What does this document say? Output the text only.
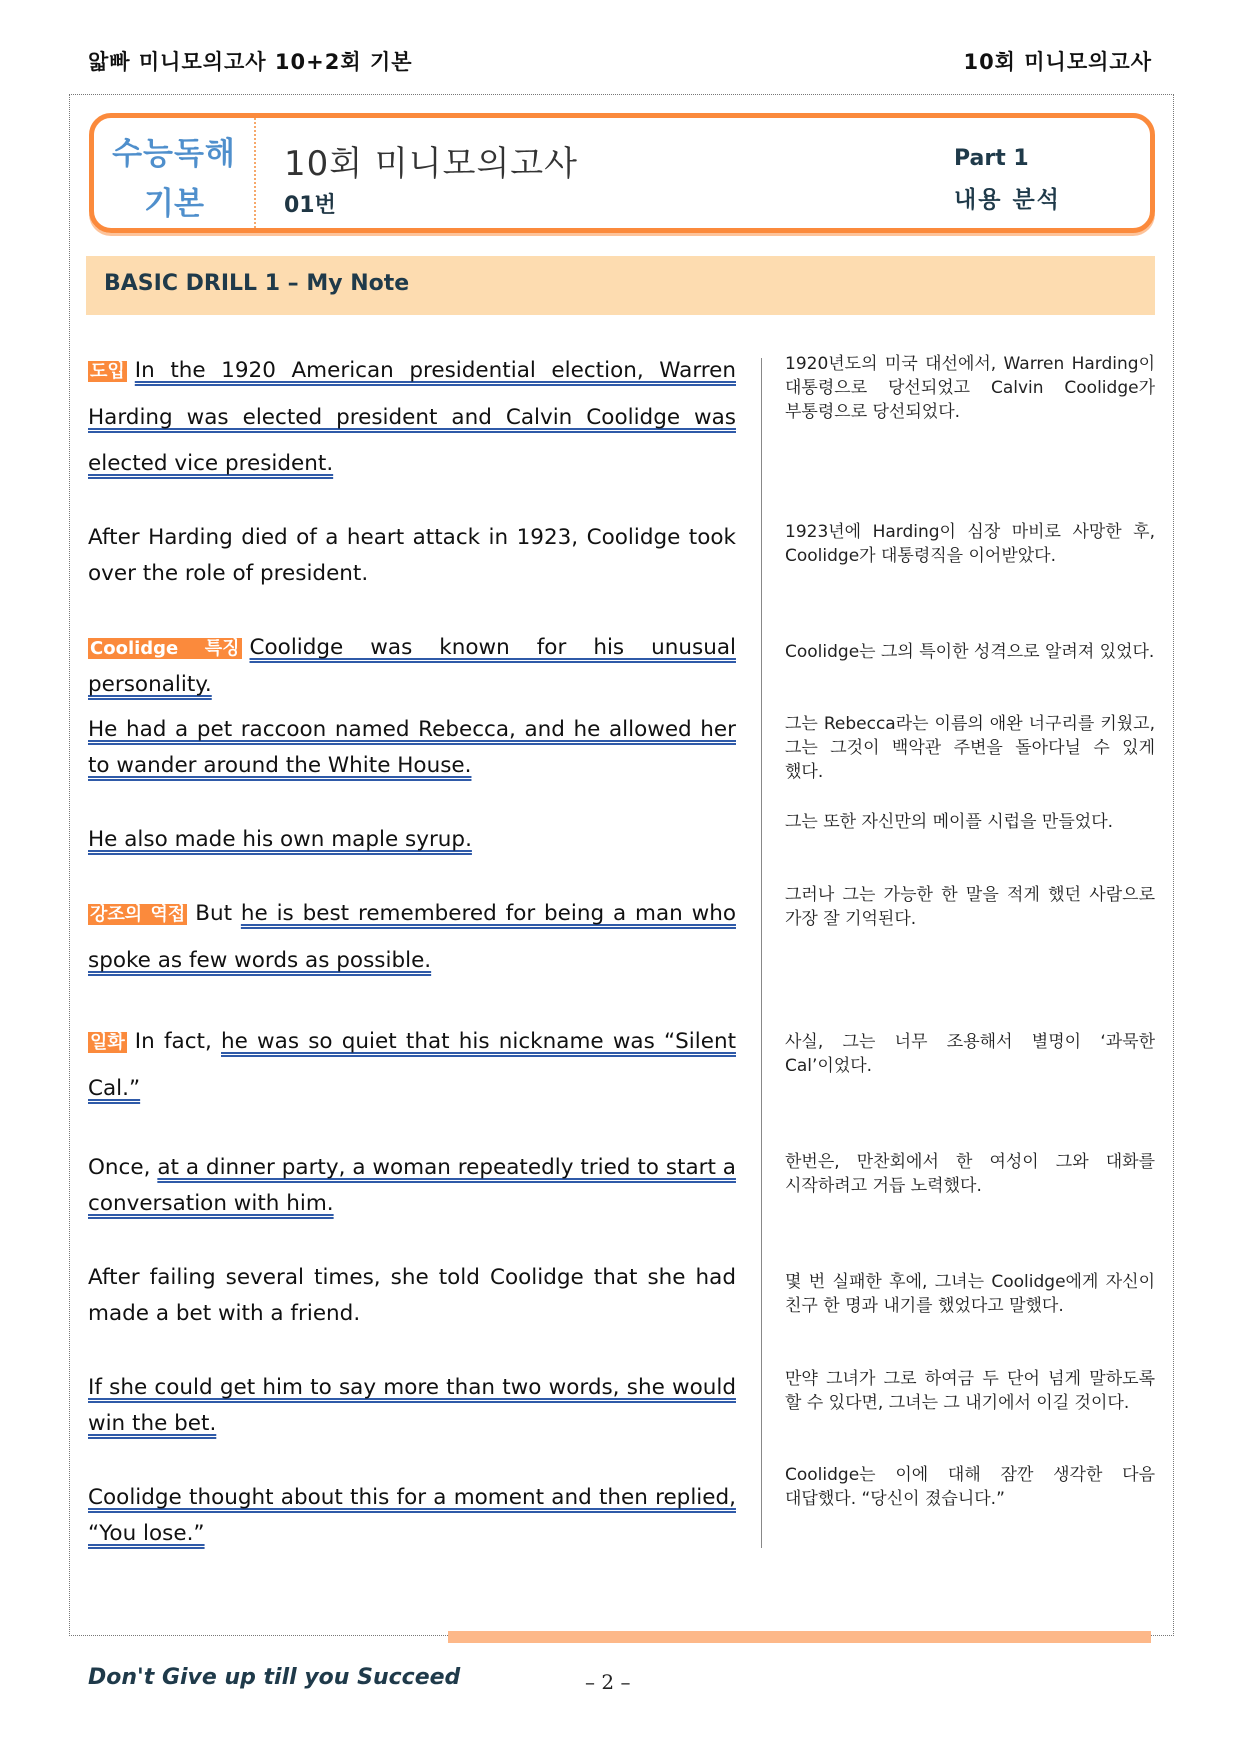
앏빠 미니모의고사 10+2회 기본	10회 미니모의고사
수능독해
기본
10회 미니모의고사
01번
Part 1
내용 분석
BASIC DRILL 1 – My Note
도입 In the 1920 American presidential election, Warren Harding was elected president and Calvin Coolidge was elected vice president.
1920년도의 미국 대선에서, Warren Harding이 대통령으로 당선되었고 Calvin Coolidge가 부통령으로 당선되었다.
After Harding died of a heart attack in 1923, Coolidge took over the role of president.
1923년에 Harding이 심장 마비로 사망한 후, Coolidge가 대통령직을 이어받았다.
Coolidge 특징 Coolidge was known for his unusual personality.
Coolidge는 그의 특이한 성격으로 알려져 있었다.
He had a pet raccoon named Rebecca, and he allowed her to wander around the White House.
그는 Rebecca라는 이름의 애완 너구리를 키웠고, 그는 그것이 백악관 주변을 돌아다닐 수 있게 했다.
He also made his own maple syrup.
그는 또한 자신만의 메이플 시럽을 만들었다.
강조의 역접 But he is best remembered for being a man who spoke as few words as possible.
그러나 그는 가능한 한 말을 적게 했던 사람으로 가장 잘 기억된다.
일화 In fact, he was so quiet that his nickname was “Silent Cal.”
사실, 그는 너무 조용해서 별명이 ‘과묵한 Cal’이었다.
Once, at a dinner party, a woman repeatedly tried to start a conversation with him.
한번은, 만찬회에서 한 여성이 그와 대화를 시작하려고 거듭 노력했다.
After failing several times, she told Coolidge that she had made a bet with a friend.
몇 번 실패한 후에, 그녀는 Coolidge에게 자신이 친구 한 명과 내기를 했었다고 말했다.
If she could get him to say more than two words, she would win the bet.
만약 그녀가 그로 하여금 두 단어 넘게 말하도록 할 수 있다면, 그녀는 그 내기에서 이길 것이다.
Coolidge thought about this for a moment and then replied, “You lose.”
Coolidge는 이에 대해 잠깐 생각한 다음 대답했다. “당신이 졌습니다.”
Don't Give up till you Succeed	– 2 –
